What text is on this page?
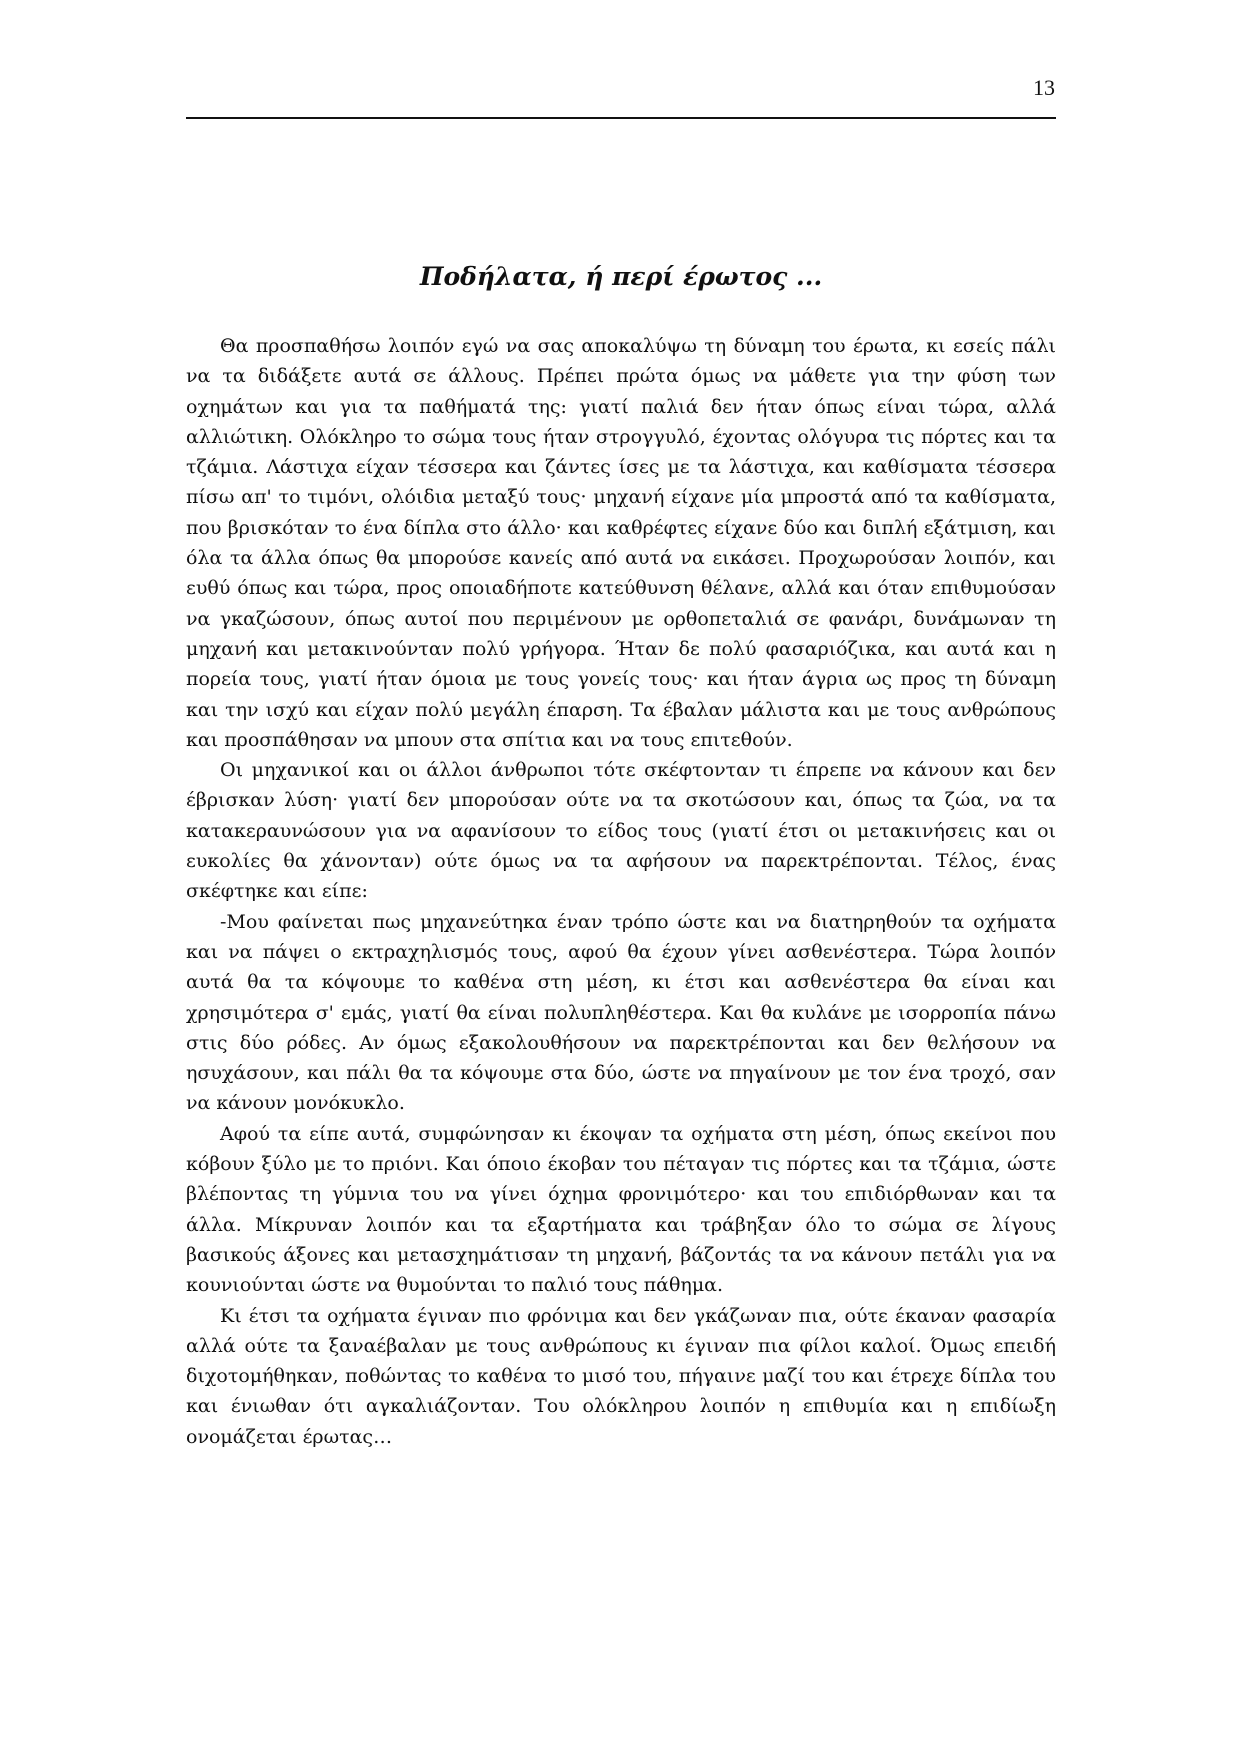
13
Ποδήλατα, ή περί έρωτος ...

Θα προσπαθήσω λοιπόν εγώ να σας αποκαλύψω τη δύναμη του έρωτα, κι εσείς πάλι να τα διδάξετε αυτά σε άλλους. Πρέπει πρώτα όμως να μάθετε για την φύση των οχημάτων και για τα παθήματά της: γιατί παλιά δεν ήταν όπως είναι τώρα, αλλά αλλιώτικη. Ολόκληρο το σώμα τους ήταν στρογγυλό, έχοντας ολόγυρα τις πόρτες και τα τζάμια. Λάστιχα είχαν τέσσερα και ζάντες ίσες με τα λάστιχα, και καθίσματα τέσσερα πίσω απ' το τιμόνι, ολόιδια μεταξύ τους· μηχανή είχανε μία μπροστά από τα καθίσματα, που βρισκόταν το ένα δίπλα στο άλλο· και καθρέφτες είχανε δύο και διπλή εξάτμιση, και όλα τα άλλα όπως θα μπορούσε κανείς από αυτά να εικάσει. Προχωρούσαν λοιπόν, και ευθύ όπως και τώρα, προς οποιαδήποτε κατεύθυνση θέλανε, αλλά και όταν επιθυμούσαν να γκαζώσουν, όπως αυτοί που περιμένουν με ορθοπεταλιά σε φανάρι, δυνάμωναν τη μηχανή και μετακινούνταν πολύ γρήγορα. Ήταν δε πολύ φασαριόζικα, και αυτά και η πορεία τους, γιατί ήταν όμοια με τους γονείς τους· και ήταν άγρια ως προς τη δύναμη και την ισχύ και είχαν πολύ μεγάλη έπαρση. Τα έβαλαν μάλιστα και με τους ανθρώπους και προσπάθησαν να μπουν στα σπίτια και να τους επιτεθούν.

Οι μηχανικοί και οι άλλοι άνθρωποι τότε σκέφτονταν τι έπρεπε να κάνουν και δεν έβρισκαν λύση· γιατί δεν μπορούσαν ούτε να τα σκοτώσουν και, όπως τα ζώα, να τα κατακεραυνώσουν για να αφανίσουν το είδος τους (γιατί έτσι οι μετακινήσεις και οι ευκολίες θα χάνονταν) ούτε όμως να τα αφήσουν να παρεκτρέπονται. Τέλος, ένας σκέφτηκε και είπε:

-Μου φαίνεται πως μηχανεύτηκα έναν τρόπο ώστε και να διατηρηθούν τα οχήματα και να πάψει ο εκτραχηλισμός τους, αφού θα έχουν γίνει ασθενέστερα. Τώρα λοιπόν αυτά θα τα κόψουμε το καθένα στη μέση, κι έτσι και ασθενέστερα θα είναι και χρησιμότερα σ' εμάς, γιατί θα είναι πολυπληθέστερα. Και θα κυλάνε με ισορροπία πάνω στις δύο ρόδες. Αν όμως εξακολουθήσουν να παρεκτρέπονται και δεν θελήσουν να ησυχάσουν, και πάλι θα τα κόψουμε στα δύο, ώστε να πηγαίνουν με τον ένα τροχό, σαν να κάνουν μονόκυκλο.

Αφού τα είπε αυτά, συμφώνησαν κι έκοψαν τα οχήματα στη μέση, όπως εκείνοι που κόβουν ξύλο με το πριόνι. Και όποιο έκοβαν του πέταγαν τις πόρτες και τα τζάμια, ώστε βλέποντας τη γύμνια του να γίνει όχημα φρονιμότερο· και του επιδιόρθωναν και τα άλλα. Μίκρυναν λοιπόν και τα εξαρτήματα και τράβηξαν όλο το σώμα σε λίγους βασικούς άξονες και μετασχημάτισαν τη μηχανή, βάζοντάς τα να κάνουν πετάλι για να κουνιούνται ώστε να θυμούνται το παλιό τους πάθημα.

Κι έτσι τα οχήματα έγιναν πιο φρόνιμα και δεν γκάζωναν πια, ούτε έκαναν φασαρία αλλά ούτε τα ξαναέβαλαν με τους ανθρώπους κι έγιναν πια φίλοι καλοί. Όμως επειδή διχοτομήθηκαν, ποθώντας το καθένα το μισό του, πήγαινε μαζί του και έτρεχε δίπλα του και ένιωθαν ότι αγκαλιάζονταν. Του ολόκληρου λοιπόν η επιθυμία και η επιδίωξη ονομάζεται έρωτας…
